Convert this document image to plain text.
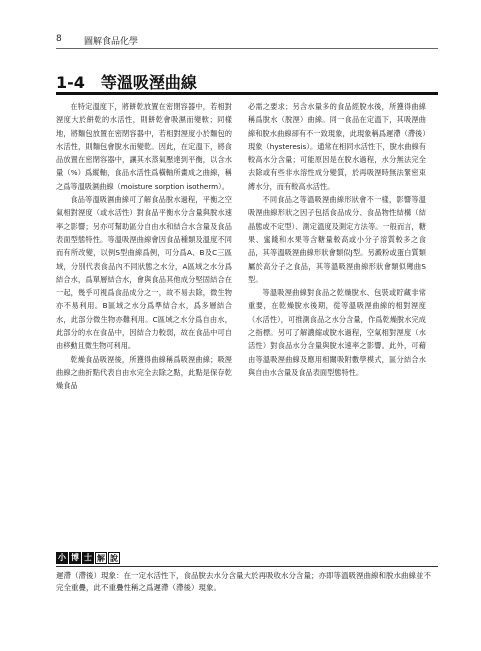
8 圖解食品化學
1-4　等溫吸溼曲線

在特定溫度下，將餅乾放置在密閉容器中，若相對溼度大於餅乾的水活性，則餅乾會吸濕而變軟；同樣地，將麵包放置在密閉容器中，若相對溼度小於麵包的水活性，則麵包會脫水而變乾。因此，在定溫下，將食品放置在密閉容器中，讓其水蒸氣壓達到平衡，以含水量（%）爲縱軸，食品水活性爲橫軸所畫成之曲線，稱之爲等溫吸濕曲線（moisture sorption isotherm）。

食品等溫吸濕曲線可了解食品脫水過程，平衡之空氣相對溼度（或水活性）對食品平衡水分含量與脫水速率之影響；另亦可幫助區分自由水和結合水含量及食品表面型態特性。等溫吸溼曲線會因食品種類及溫度不同而有所改變，以例S型曲線爲例，可分爲A、B及C三區域，分別代表食品內不同狀態之水分，A區域之水分爲結合水，爲單層結合水，會與食品其他成分堅固結合在一起，幾乎可視爲食品成分之一，故不易去除，微生物亦不易利用。B區域之水分爲準結合水，爲多層結合水，此部分微生物亦難利用。C區域之水分爲自由水，此部分的水在食品中，因結合力較弱，故在食品中可自由移動且微生物可利用。

乾燥食品吸溼後，所獲得曲線稱爲吸溼曲線；吸溼曲線之曲折點代表自由水完全去除之點，此點是保存乾燥食品

必需之要求；另含水量多的食品經脫水後，所獲得曲線稱爲脫水（脫溼）曲線。同一食品在定溫下，其吸溼曲線和脫水曲線卻有不一致現象，此現象稱爲遲滯（滯後）現象（hysteresis）。通常在相同水活性下，脫水曲線有較高水分含量；可能原因是在脫水過程，水分無法完全去除或有些非水溶性成分變質，於再吸溼時無法緊密束縛水分，而有較高水活性。

不同食品之等溫吸溼曲線形狀會不一樣，影響等溫吸溼曲線形狀之因子包括食品成分、食品物性結構（結晶態或不定型）、測定溫度及測定方法等。一般而言，糖果、蜜餞和水果等含糖量較高或小分子溶質較多之食品，其等溫吸溼曲線形狀會類似J型。另澱粉或蛋白質類屬於高分子之食品，其等溫吸溼曲線形狀會類似彎曲S型。

等溫吸溼曲線對食品之乾燥脫水、包裝或貯藏非常重要，在乾燥脫水後期，從等溫吸溼曲線的相對溼度（水活性），可推測食品之水分含量，作爲乾燥脫水完成之指標。另可了解濃縮或脫水過程，空氣相對溼度（水活性）對食品水分含量與脫水速率之影響。此外，可藉由等溫吸溼曲線及應用相關吸附數學模式，區分結合水與自由水含量及食品表面型態特性。

小 博 士 解 說
遲滯（滯後）現象：在一定水活性下，食品脫去水分含量大於再吸收水分含量；亦即等溫吸溼曲線和脫水曲線並不完全重疊，此不重疊性稱之爲遲滯（滯後）現象。
